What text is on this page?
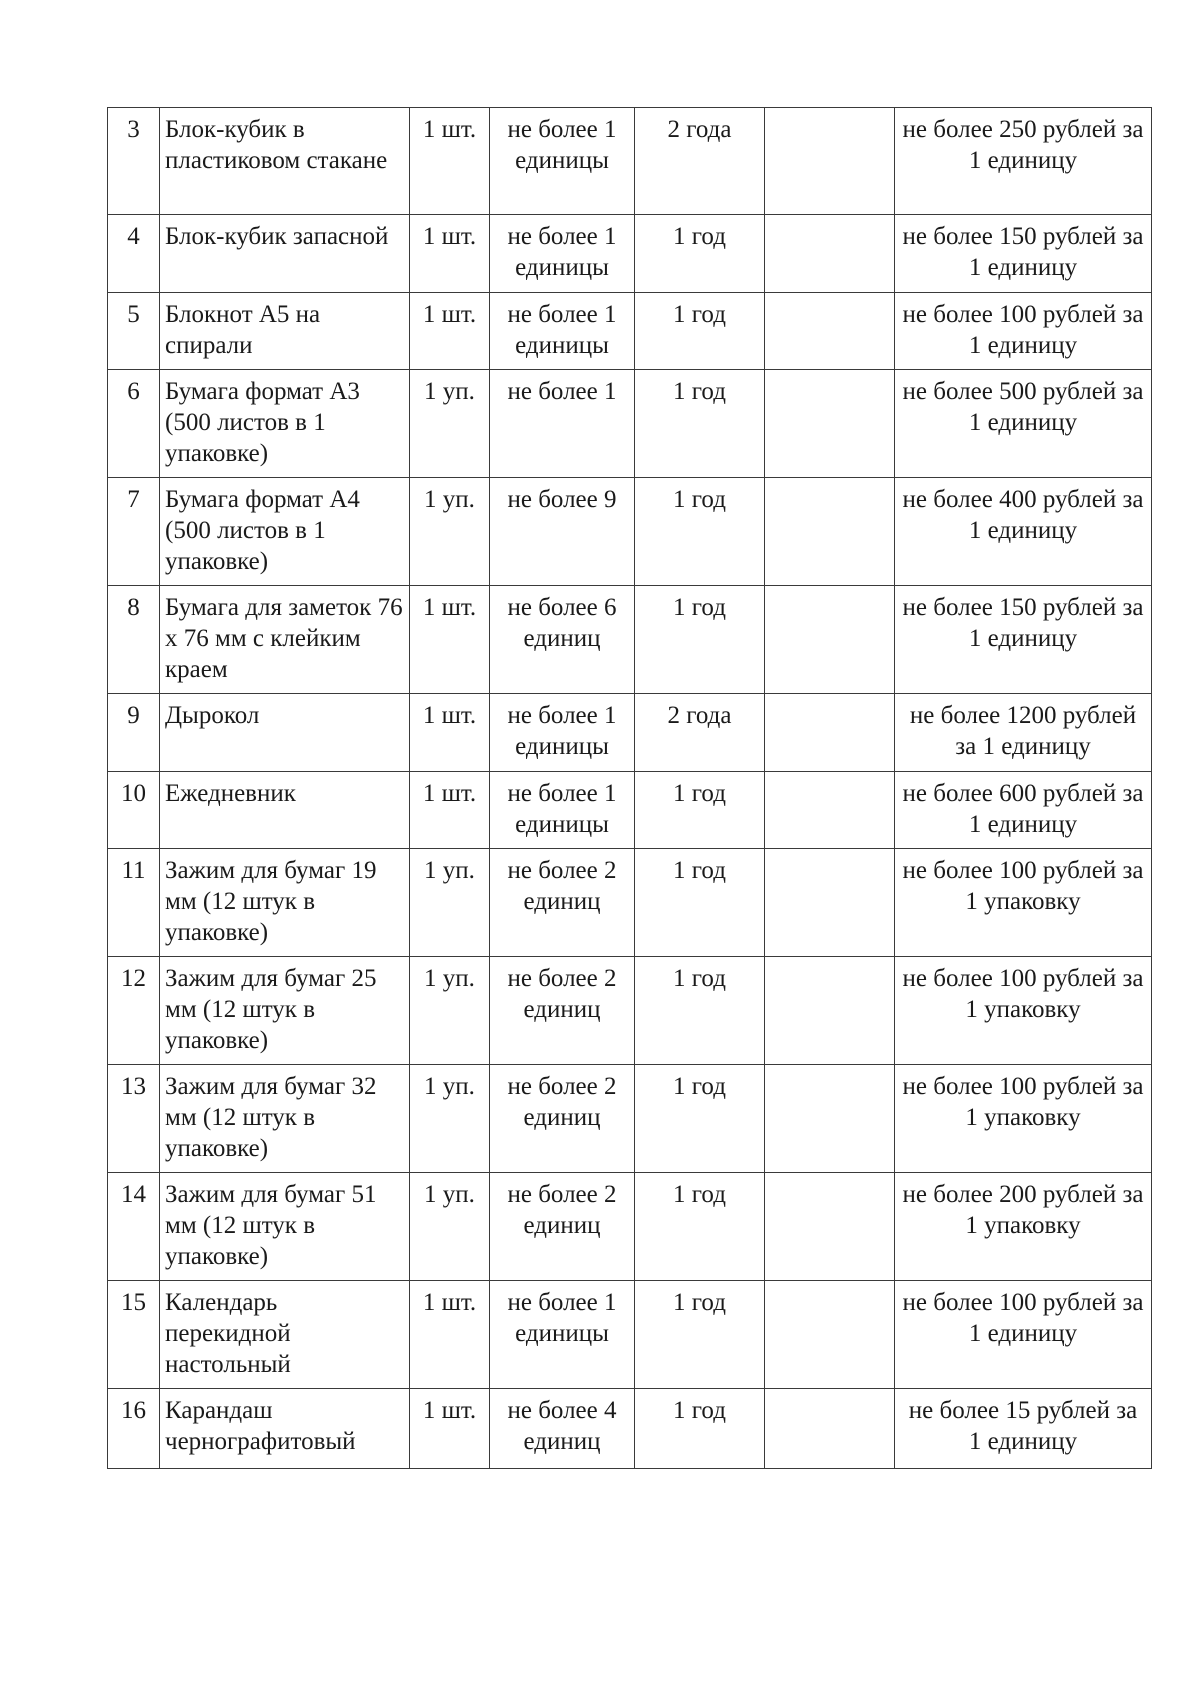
3	Блок-кубик в пластиковом стакане	1 шт.	не более 1 единицы	2 года		не более 250 рублей за 1 единицу
4	Блок-кубик запасной	1 шт.	не более 1 единицы	1 год		не более 150 рублей за 1 единицу
5	Блокнот А5 на спирали	1 шт.	не более 1 единицы	1 год		не более 100 рублей за 1 единицу
6	Бумага формат А3 (500 листов в 1 упаковке)	1 уп.	не более 1	1 год		не более 500 рублей за 1 единицу
7	Бумага формат А4 (500 листов в 1 упаковке)	1 уп.	не более 9	1 год		не более 400 рублей за 1 единицу
8	Бумага для заметок 76 х 76 мм с клейким краем	1 шт.	не более 6 единиц	1 год		не более 150 рублей за 1 единицу
9	Дырокол	1 шт.	не более 1 единицы	2 года		не более 1200 рублей за 1 единицу
10	Ежедневник	1 шт.	не более 1 единицы	1 год		не более 600 рублей за 1 единицу
11	Зажим для бумаг 19 мм (12 штук в упаковке)	1 уп.	не более 2 единиц	1 год		не более 100 рублей за 1 упаковку
12	Зажим для бумаг 25 мм (12 штук в упаковке)	1 уп.	не более 2 единиц	1 год		не более 100 рублей за 1 упаковку
13	Зажим для бумаг 32 мм (12 штук в упаковке)	1 уп.	не более 2 единиц	1 год		не более 100 рублей за 1 упаковку
14	Зажим для бумаг 51 мм (12 штук в упаковке)	1 уп.	не более 2 единиц	1 год		не более 200 рублей за 1 упаковку
15	Календарь перекидной настольный	1 шт.	не более 1 единицы	1 год		не более 100 рублей за 1 единицу
16	Карандаш чернографитовый	1 шт.	не более 4 единиц	1 год		не более 15 рублей за 1 единицу
